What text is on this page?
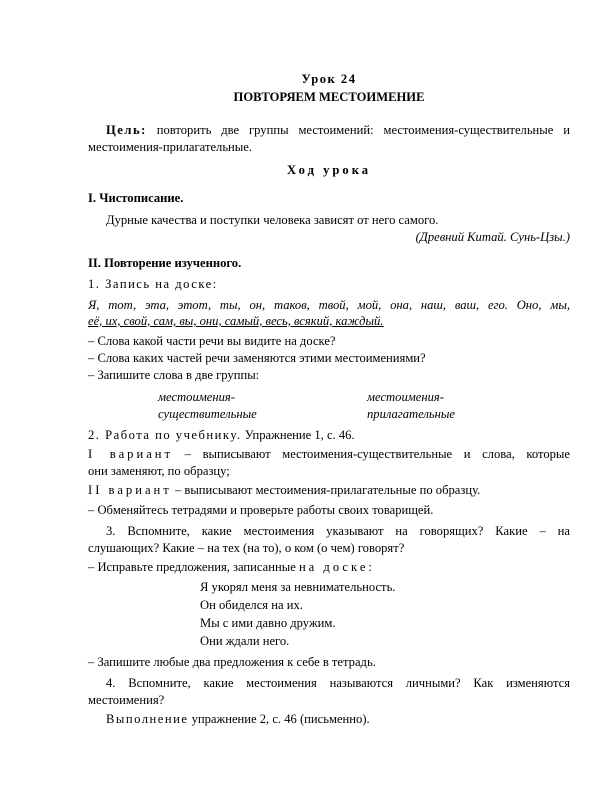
Урок 24
ПОВТОРЯЕМ МЕСТОИМЕНИЕ
Цель: повторить две группы местоимений: местоимения-существительные и
местоимения-прилагательные.
Ход урока
I. Чистописание.
Дурные качества и поступки человека зависят от него самого.
(Древний Китай. Сунь-Цзы.)
II. Повторение изученного.
1. Запись на доске:
Я, тот, эта, этот, ты, он, таков, твой, мой, она, наш, ваш, его. Оно, мы,
её, их, свой, сам, вы, они, самый, весь, всякий, каждый.
– Слова какой части речи вы видите на доске?
– Слова каких частей речи заменяются этими местоимениями?
– Запишите слова в две группы:
местоимения-
существительные
местоимения-
прилагательные
2. Работа по учебнику. Упражнение 1, с. 46.
I вариант – выписывают местоимения-существительные и слова, которые
они заменяют, по образцу;
II вариант – выписывают местоимения-прилагательные по образцу.
– Обменяйтесь тетрадями и проверьте работы своих товарищей.
3. Вспомните, какие местоимения указывают на говорящих? Какие – на
слушающих? Какие – на тех (на то), о ком (о чем) говорят?
– Исправьте предложения, записанные на доске:
Я укорял меня за невнимательность.
Он обиделся на их.
Мы с ими давно дружим.
Они ждали него.
– Запишите любые два предложения к себе в тетрадь.
4. Вспомните, какие местоимения называются личными? Как изменяются
местоимения?
Выполнение упражнение 2, с. 46 (письменно).
